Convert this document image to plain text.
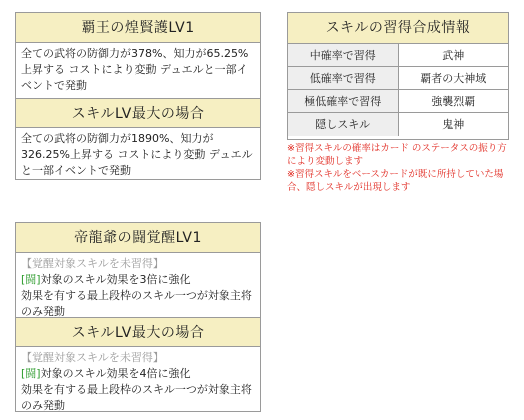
覇王の煌賢護LV1
全ての武将の防御力が378%、知力が65.25%上昇する コストにより変動 デュエルと一部イベントで発動
スキルLV最大の場合
全ての武将の防御力が1890%、知力が326.25%上昇する コストにより変動 デュエルと一部イベントで発動
スキルの習得合成情報
中確率で習得	武神
低確率で習得	覇者の大神域
極低確率で習得	強襲烈覇
隠しスキル	鬼神
※習得スキルの確率はカード のステータスの振り方により変動します
※習得スキルをベースカードが既に所持していた場合、隠しスキルが出現します
帝龍爺の闘覚醒LV1
【覚醒対象スキルを未習得】
[闘]対象のスキル効果を3倍に強化
効果を有する最上段枠のスキル一つが対象主将のみ発動
スキルLV最大の場合
【覚醒対象スキルを未習得】
[闘]対象のスキル効果を4倍に強化
効果を有する最上段枠のスキル一つが対象主将のみ発動
